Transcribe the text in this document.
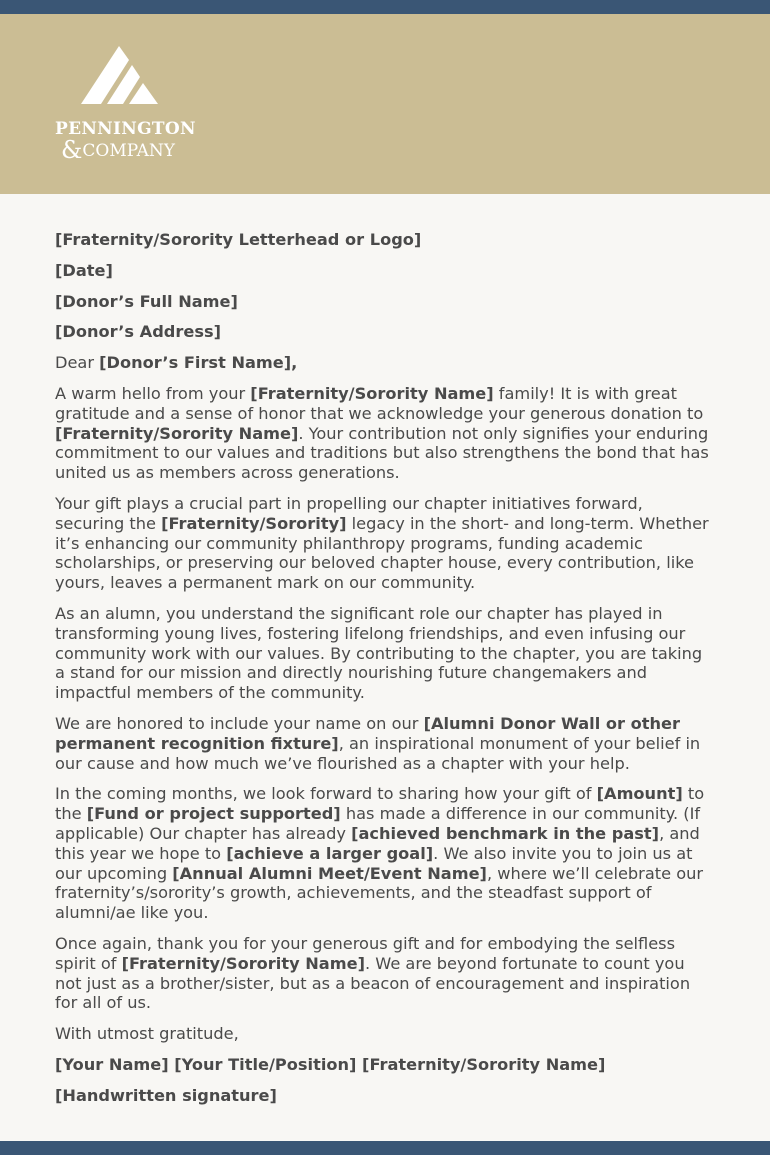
PENNINGTON
&COMPANY

[Fraternity/Sorority Letterhead or Logo]

[Date]

[Donor’s Full Name]

[Donor’s Address]

Dear [Donor’s First Name],

A warm hello from your [Fraternity/Sorority Name] family! It is with great gratitude and a sense of honor that we acknowledge your generous donation to [Fraternity/Sorority Name]. Your contribution not only signifies your enduring commitment to our values and traditions but also strengthens the bond that has united us as members across generations.

Your gift plays a crucial part in propelling our chapter initiatives forward, securing the [Fraternity/Sorority] legacy in the short- and long-term. Whether it’s enhancing our community philanthropy programs, funding academic scholarships, or preserving our beloved chapter house, every contribution, like yours, leaves a permanent mark on our community.

As an alumn, you understand the significant role our chapter has played in transforming young lives, fostering lifelong friendships, and even infusing our community work with our values. By contributing to the chapter, you are taking a stand for our mission and directly nourishing future changemakers and impactful members of the community.

We are honored to include your name on our [Alumni Donor Wall or other permanent recognition fixture], an inspirational monument of your belief in our cause and how much we’ve flourished as a chapter with your help.

In the coming months, we look forward to sharing how your gift of [Amount] to the [Fund or project supported] has made a difference in our community. (If applicable) Our chapter has already [achieved benchmark in the past], and this year we hope to [achieve a larger goal]. We also invite you to join us at our upcoming [Annual Alumni Meet/Event Name], where we’ll celebrate our fraternity’s/sorority’s growth, achievements, and the steadfast support of alumni/ae like you.

Once again, thank you for your generous gift and for embodying the selfless spirit of [Fraternity/Sorority Name]. We are beyond fortunate to count you not just as a brother/sister, but as a beacon of encouragement and inspiration for all of us.

With utmost gratitude,

[Your Name] [Your Title/Position] [Fraternity/Sorority Name]

[Handwritten signature]
